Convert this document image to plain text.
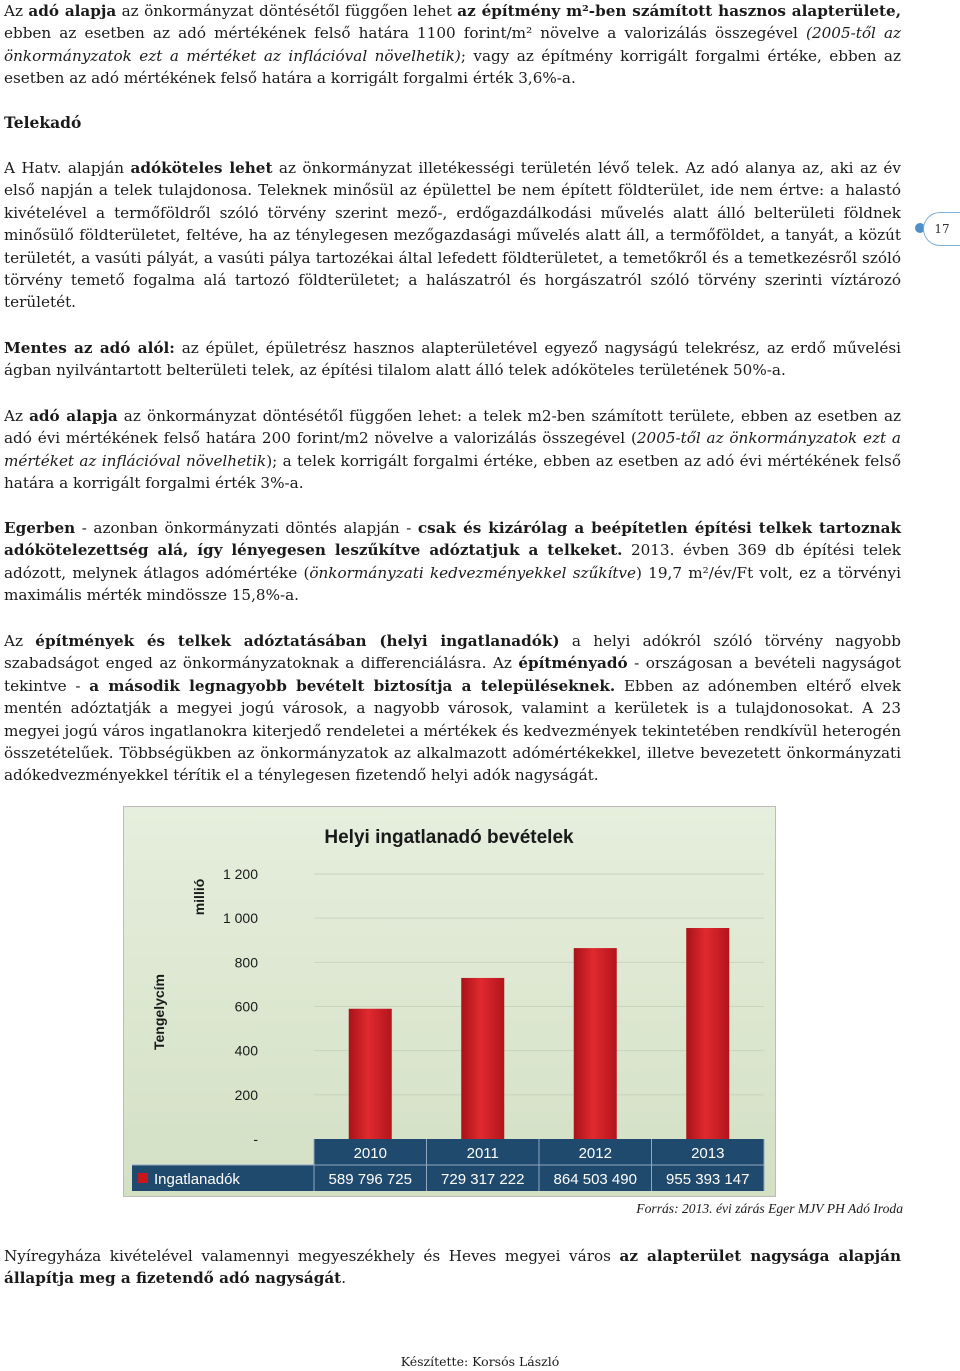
Az adó alapja az önkormányzat döntésétől függően lehet az építmény m²-ben számított hasznos alapterülete, ebben az esetben az adó mértékének felső határa 1100 forint/m² növelve a valorizálás összegével (2005-től az önkormányzatok ezt a mértéket az inflációval növelhetik); vagy az építmény korrigált forgalmi értéke, ebben az esetben az adó mértékének felső határa a korrigált forgalmi érték 3,6%-a.

Telekadó

A Hatv. alapján adóköteles lehet az önkormányzat illetékességi területén lévő telek. Az adó alanya az, aki az év első napján a telek tulajdonosa. Teleknek minősül az épülettel be nem épített földterület, ide nem értve: a halastó kivételével a termőföldről szóló törvény szerint mező-, erdőgazdálkodási művelés alatt álló belterületi földnek minősülő földterületet, feltéve, ha az ténylegesen mezőgazdasági művelés alatt áll, a termőföldet, a tanyát, a közút területét, a vasúti pályát, a vasúti pálya tartozékai által lefedett földterületet, a temetőkről és a temetkezésről szóló törvény temető fogalma alá tartozó földterületet; a halászatról és horgászatról szóló törvény szerinti víztározó területét.

Mentes az adó alól: az épület, épületrész hasznos alapterületével egyező nagyságú telekrész, az erdő művelési ágban nyilvántartott belterületi telek, az építési tilalom alatt álló telek adóköteles területének 50%-a.

Az adó alapja az önkormányzat döntésétől függően lehet: a telek m2-ben számított területe, ebben az esetben az adó évi mértékének felső határa 200 forint/m2 növelve a valorizálás összegével (2005-től az önkormányzatok ezt a mértéket az inflációval növelhetik); a telek korrigált forgalmi értéke, ebben az esetben az adó évi mértékének felső határa a korrigált forgalmi érték 3%-a.

Egerben - azonban önkormányzati döntés alapján - csak és kizárólag a beépítetlen építési telkek tartoznak adókötelezettség alá, így lényegesen leszűkítve adóztatjuk a telkeket. 2013. évben 369 db építési telek adózott, melynek átlagos adómértéke (önkormányzati kedvezményekkel szűkítve) 19,7 m²/év/Ft volt, ez a törvényi maximális mérték mindössze 15,8%-a.

Az építmények és telkek adóztatásában (helyi ingatlanadók) a helyi adókról szóló törvény nagyobb szabadságot enged az önkormányzatoknak a differenciálásra. Az építményadó - országosan a bevételi nagyságot tekintve - a második legnagyobb bevételt biztosítja a településeknek. Ebben az adónemben eltérő elvek mentén adóztatják a megyei jogú városok, a nagyobb városok, valamint a kerületek is a tulajdonosokat. A 23 megyei jogú város ingatlanokra kiterjedő rendeletei a mértékek és kedvezmények tekintetében rendkívül heterogén összetételűek. Többségükben az önkormányzatok az alkalmazott adómértékekkel, illetve bevezetett önkormányzati adókedvezményekkel térítik el a ténylegesen fizetendő helyi adók nagyságát.

Nyíregyháza kivételével valamennyi megyeszékhely és Heves megyei város az alapterület nagysága alapján állapítja meg a fizetendő adó nagyságát.

17
Helyi ingatlanadó bevételek
millió
Tengelycím
-
200
400
600
800
1 000
1 200
2010
589 796 725
2011
729 317 222
2012
864 503 490
2013
955 393 147
Ingatlanadók
Forrás: 2013. évi zárás Eger MJV PH Adó Iroda
Készítette: Korsós László
